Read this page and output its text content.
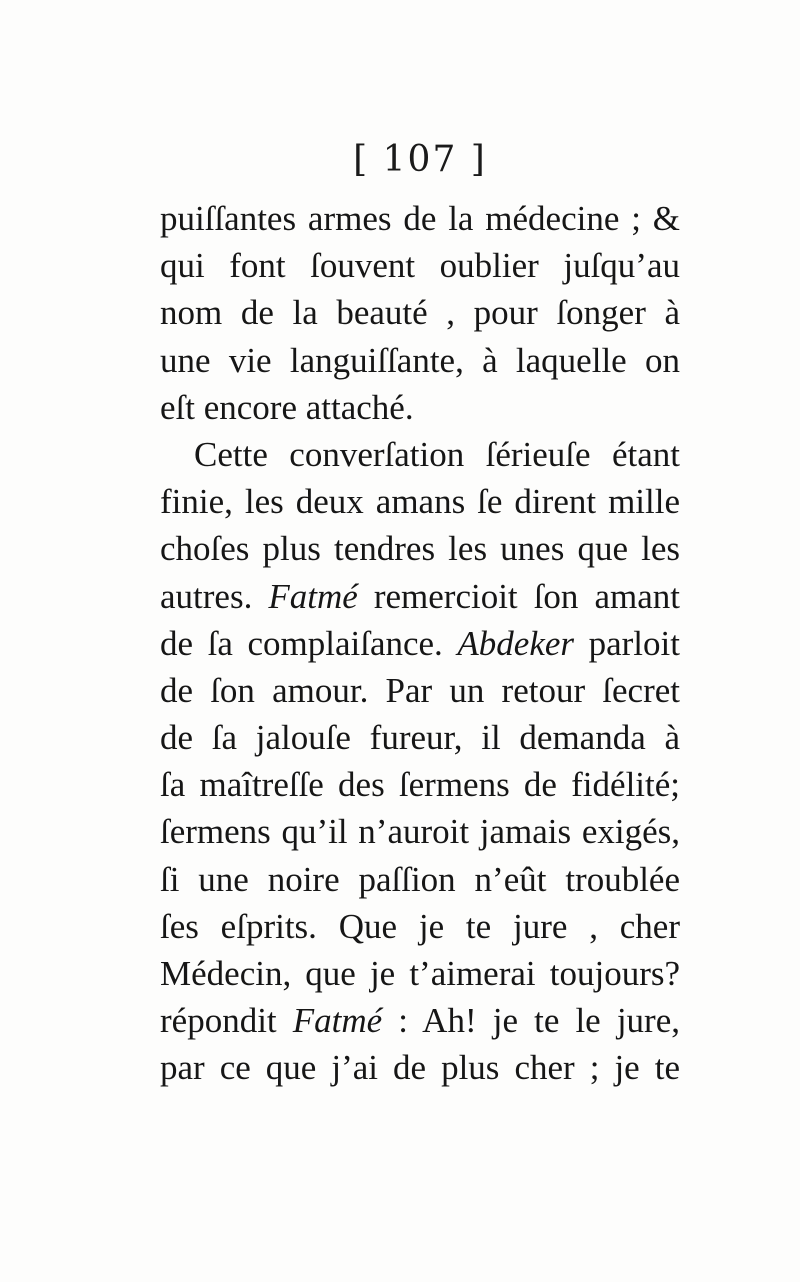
[ 107 ]
puiſſantes armes de la médecine ; &
qui font ſouvent oublier juſqu’au
nom de la beauté , pour ſonger à
une vie languiſſante, à laquelle on
eſt encore attaché.
Cette converſation ſérieuſe étant
finie, les deux amans ſe dirent mille
choſes plus tendres les unes que les
autres. Fatmé remercioit ſon amant
de ſa complaiſance. Abdeker parloit
de ſon amour. Par un retour ſecret
de ſa jalouſe fureur, il demanda à
ſa maîtreſſe des ſermens de fidélité;
ſermens qu’il n’auroit jamais exigés,
ſi une noire paſſion n’eût troublée
ſes eſprits. Que je te jure , cher
Médecin, que je t’aimerai toujours?
répondit Fatmé : Ah! je te le jure,
par ce que j’ai de plus cher ; je te
